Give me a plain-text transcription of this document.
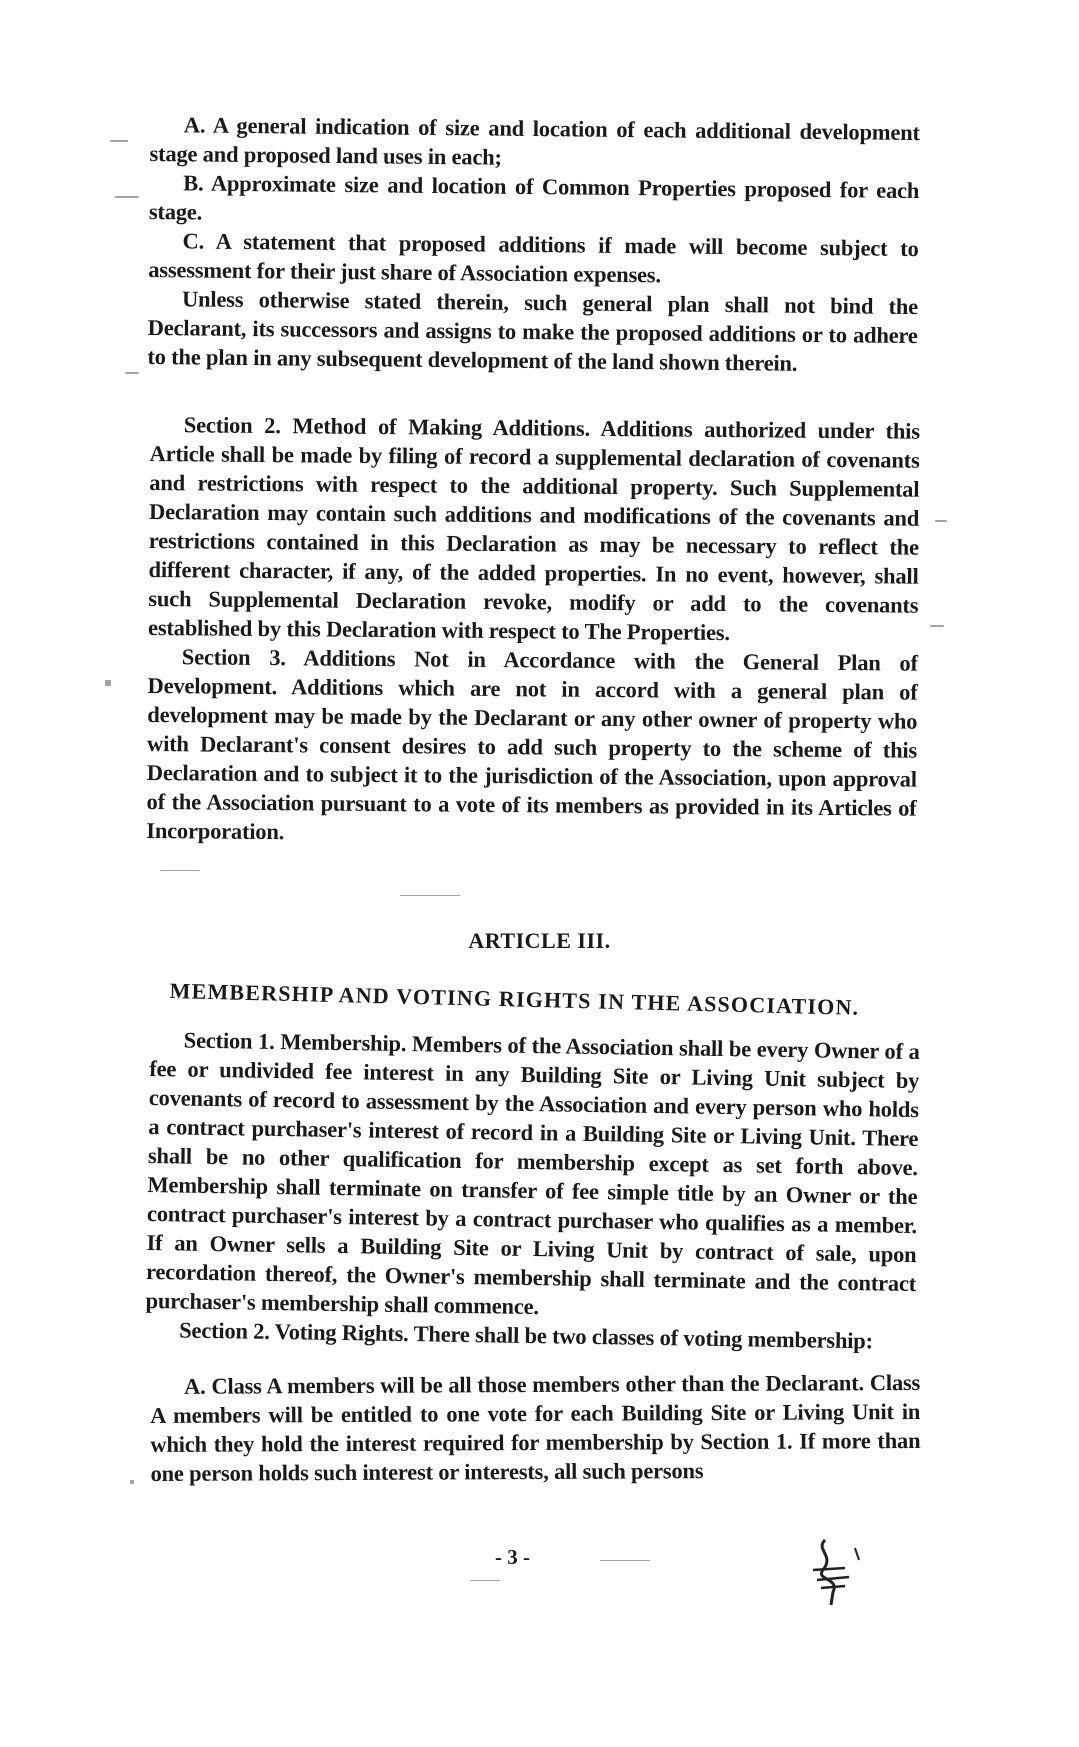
A. A general indication of size and location of each additional development stage and proposed land uses in each;

B. Approximate size and location of Common Properties proposed for each stage.

C. A statement that proposed additions if made will become subject to assessment for their just share of Association expenses.

Unless otherwise stated therein, such general plan shall not bind the Declarant, its successors and assigns to make the proposed additions or to adhere to the plan in any subsequent development of the land shown therein.

Section 2. Method of Making Additions. Additions authorized under this Article shall be made by filing of record a supplemental declaration of covenants and restrictions with respect to the additional property. Such Supplemental Declaration may contain such additions and modifications of the covenants and restrictions contained in this Declaration as may be necessary to reflect the different character, if any, of the added properties. In no event, however, shall such Supplemental Declaration revoke, modify or add to the covenants established by this Declaration with respect to The Properties.

Section 3. Additions Not in Accordance with the General Plan of Development. Additions which are not in accord with a general plan of development may be made by the Declarant or any other owner of property who with Declarant's consent desires to add such property to the scheme of this Declaration and to subject it to the jurisdiction of the Association, upon approval of the Association pursuant to a vote of its members as provided in its Articles of Incorporation.

ARTICLE III.
MEMBERSHIP AND VOTING RIGHTS IN THE ASSOCIATION.

Section 1. Membership. Members of the Association shall be every Owner of a fee or undivided fee interest in any Building Site or Living Unit subject by covenants of record to assessment by the Association and every person who holds a contract purchaser's interest of record in a Building Site or Living Unit. There shall be no other qualification for membership except as set forth above. Membership shall terminate on transfer of fee simple title by an Owner or the contract purchaser's interest by a contract purchaser who qualifies as a member. If an Owner sells a Building Site or Living Unit by contract of sale, upon recordation thereof, the Owner's membership shall terminate and the contract purchaser's membership shall commence.

Section 2. Voting Rights. There shall be two classes of voting membership:

A. Class A members will be all those members other than the Declarant. Class A members will be entitled to one vote for each Building Site or Living Unit in which they hold the interest required for membership by Section 1. If more than one person holds such interest or interests, all such persons

- 3 -
